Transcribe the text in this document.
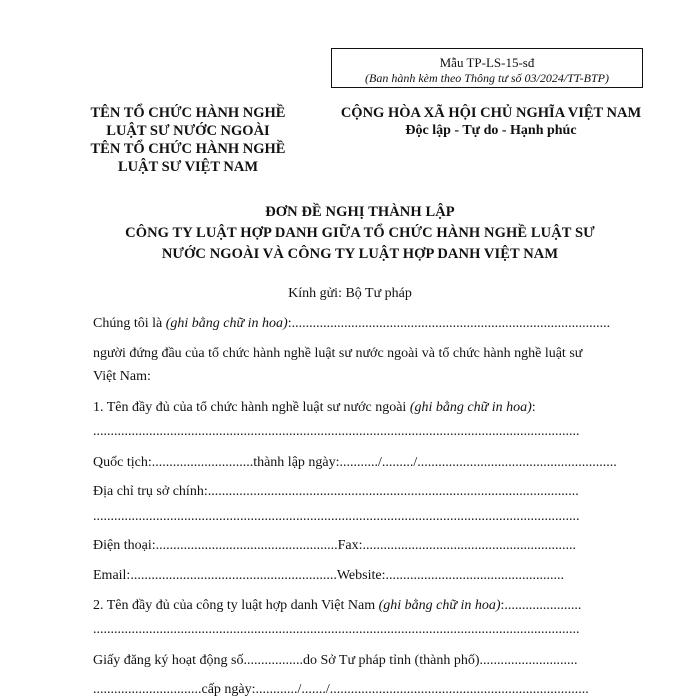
Mẫu TP-LS-15-sđ
(Ban hành kèm theo Thông tư số 03/2024/TT-BTP)
TÊN TỔ CHỨC HÀNH NGHỀ
LUẬT SƯ NƯỚC NGOÀI
TÊN TỔ CHỨC HÀNH NGHỀ
LUẬT SƯ VIỆT NAM
CỘNG HÒA XÃ HỘI CHỦ NGHĨA VIỆT NAM
Độc lập - Tự do - Hạnh phúc
ĐƠN ĐỀ NGHỊ THÀNH LẬP
CÔNG TY LUẬT HỢP DANH GIỮA TỔ CHỨC HÀNH NGHỀ LUẬT SƯ
NƯỚC NGOÀI VÀ CÔNG TY LUẬT HỢP DANH VIỆT NAM
Kính gửi: Bộ Tư pháp
Chúng tôi là (ghi bằng chữ in hoa):...........................................................................................
người đứng đầu của tổ chức hành nghề luật sư nước ngoài và tổ chức hành nghề luật sư
Việt Nam:
1. Tên đầy đủ của tổ chức hành nghề luật sư nước ngoài (ghi bằng chữ in hoa):
...........................................................................................................................................
Quốc tịch:.............................thành lập ngày:.........../........./.........................................................
Địa chỉ trụ sở chính:..........................................................................................................
...........................................................................................................................................
Điện thoại:....................................................Fax:.............................................................
Email:...........................................................Website:...................................................
2. Tên đầy đủ của công ty luật hợp danh Việt Nam (ghi bằng chữ in hoa):......................
...........................................................................................................................................
Giấy đăng ký hoạt động số.................do Sở Tư pháp tỉnh (thành phố)............................
...............................cấp ngày:............/......./..........................................................................
